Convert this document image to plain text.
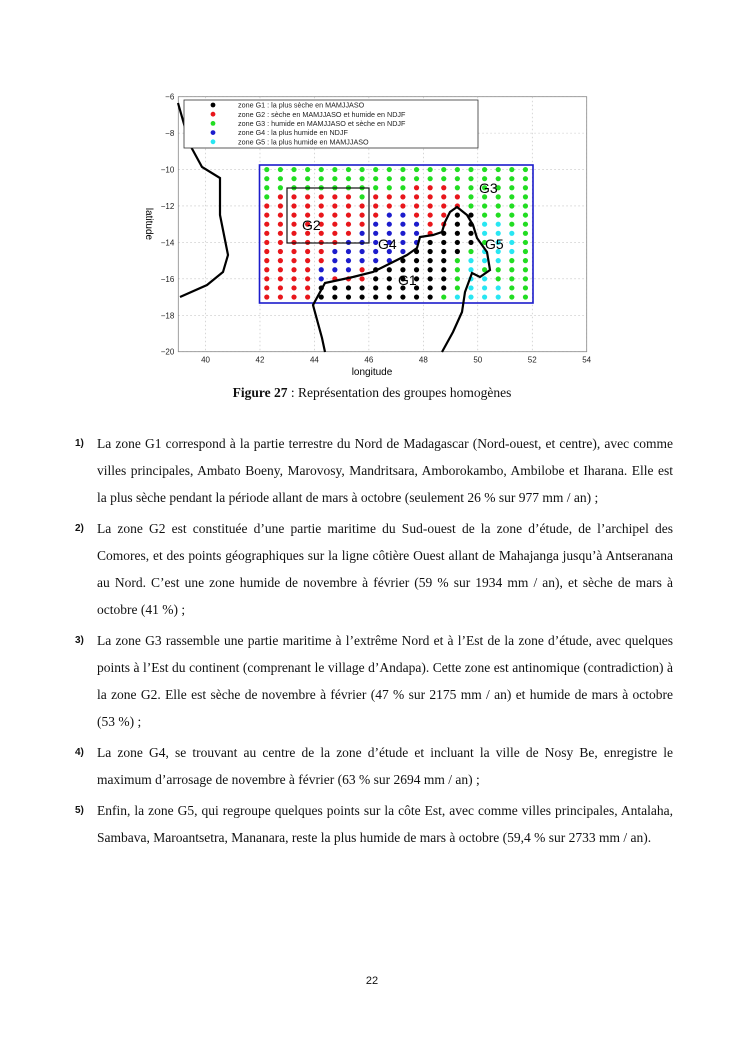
40	42	44	46	48	50	52	54
−6
−8
−10
−12
−14
−16
−18
−20
G3
G2
G4	G5
G1
zone G1 : la plus sèche en MAMJJASO
zone G2 : sèche en MAMJJASO et humide en NDJF
zone G3 : humide en MAMJJASO et sèche en NDJF
zone G4 : la plus humide en NDJF
zone G5 : la plus humide en MAMJJASO
longitude
latitude
Figure 27 : Représentation des groupes homogènes
1) La zone G1 correspond à la partie terrestre du Nord de Madagascar (Nord-ouest, et centre), avec comme villes principales, Ambato Boeny, Marovosy, Mandritsara, Amborokambo, Ambilobe et Iharana. Elle est la plus sèche pendant la période allant de mars à octobre (seulement 26 % sur 977 mm / an) ;
2) La zone G2 est constituée d’une partie maritime du Sud-ouest de la zone d’étude, de l’archipel des Comores, et des points géographiques sur la ligne côtière Ouest allant de Mahajanga jusqu’à Antseranana au Nord. C’est une zone humide de novembre à février (59 % sur 1934 mm / an), et sèche de mars à octobre (41 %) ;
3) La zone G3 rassemble une partie maritime à l’extrême Nord et à l’Est de la zone d’étude, avec quelques points à l’Est du continent (comprenant le village d’Andapa). Cette zone est antinomique (contradiction) à la zone G2. Elle est sèche de novembre à février (47 % sur 2175 mm / an) et humide de mars à octobre (53 %) ;
4) La zone G4, se trouvant au centre de la zone d’étude et incluant la ville de Nosy Be, enregistre le maximum d’arrosage de novembre à février (63 % sur 2694 mm / an) ;
5) Enfin, la zone G5, qui regroupe quelques points sur la côte Est, avec comme villes principales, Antalaha, Sambava, Maroantsetra, Mananara, reste la plus humide de mars à octobre (59,4 % sur 2733 mm / an).
22
